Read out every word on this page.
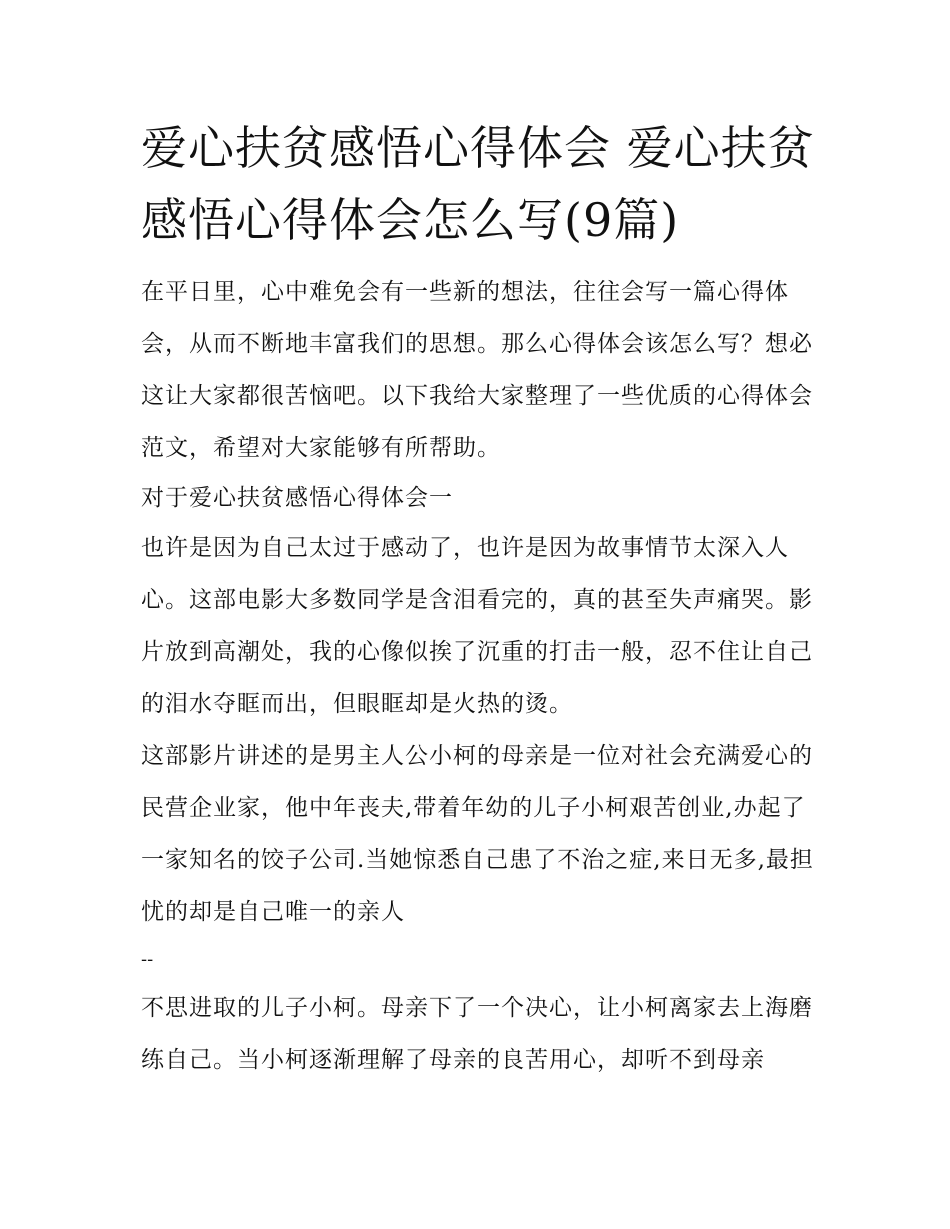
爱心扶贫感悟心得体会 爱心扶贫感悟心得体会怎么写(9篇)

在平日里，心中难免会有一些新的想法，往往会写一篇心得体会，从而不断地丰富我们的思想。那么心得体会该怎么写？想必这让大家都很苦恼吧。以下我给大家整理了一些优质的心得体会范文，希望对大家能够有所帮助。

对于爱心扶贫感悟心得体会一

也许是因为自己太过于感动了，也许是因为故事情节太深入人心。这部电影大多数同学是含泪看完的，真的甚至失声痛哭。影片放到高潮处，我的心像似挨了沉重的打击一般，忍不住让自己的泪水夺眶而出，但眼眶却是火热的烫。

这部影片讲述的是男主人公小柯的母亲是一位对社会充满爱心的民营企业家，他中年丧夫,带着年幼的儿子小柯艰苦创业,办起了一家知名的饺子公司.当她惊悉自己患了不治之症,来日无多,最担忧的却是自己唯一的亲人

--

不思进取的儿子小柯。母亲下了一个决心，让小柯离家去上海磨练自己。当小柯逐渐理解了母亲的良苦用心，却听不到母亲
